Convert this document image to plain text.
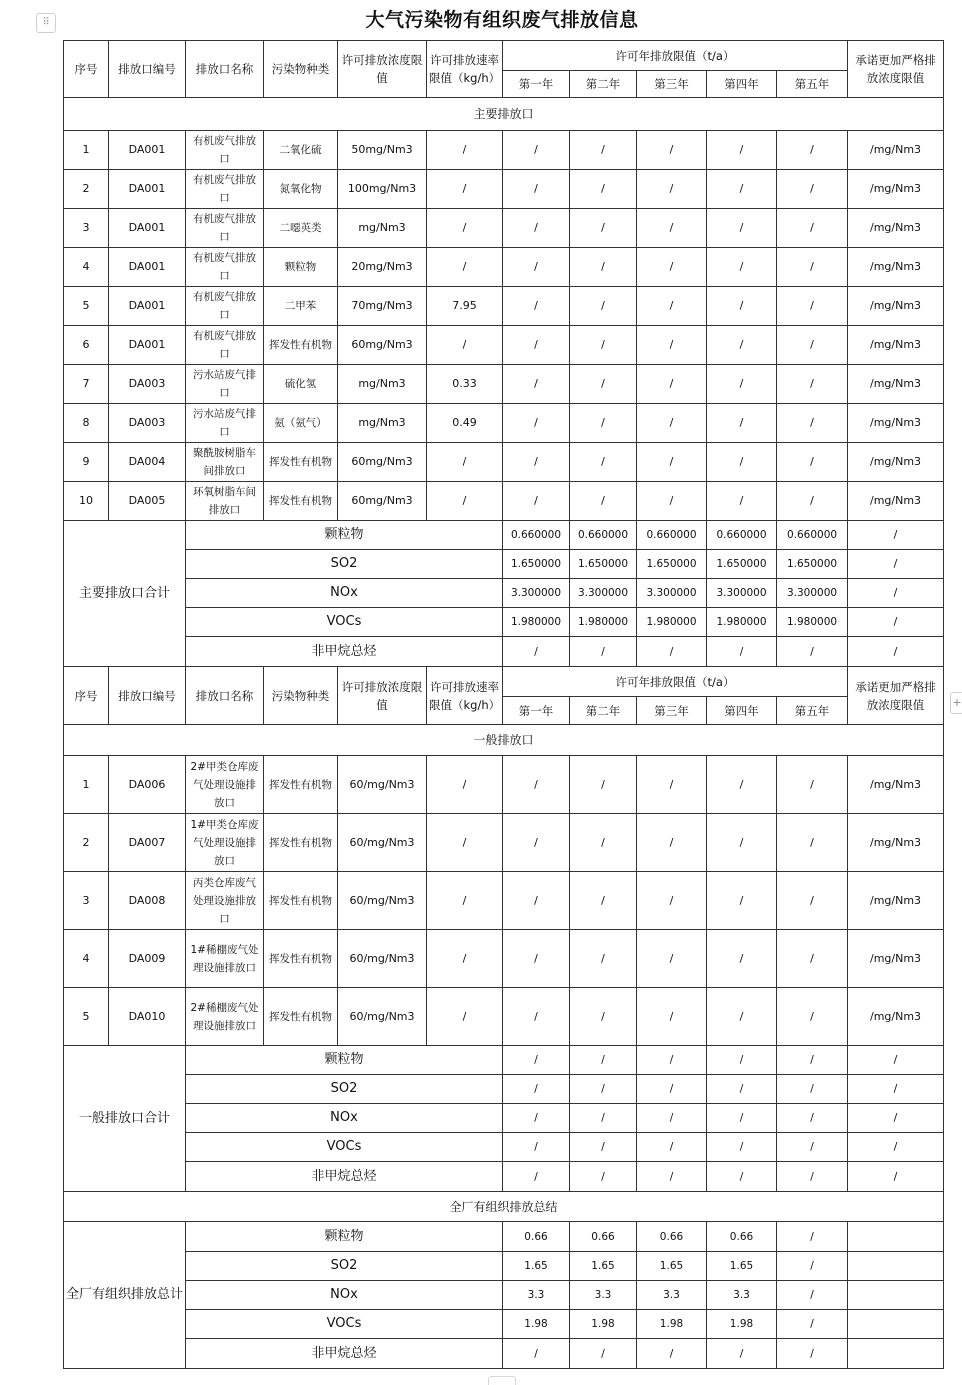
⠿	大气污染物有组织废气排放信息
+
序号	排放口编号	排放口名称	污染物种类	许可排放浓度限值	许可排放速率限值（kg/h）	许可年排放限值（t/a）					承诺更加严格排放浓度限值
						第一年	第二年	第三年	第四年	第五年	
主要排放口											
1	DA001	有机废气排放口	二氧化硫	50mg/Nm3	/	/	/	/	/	/	/mg/Nm3
2	DA001	有机废气排放口	氮氧化物	100mg/Nm3	/	/	/	/	/	/	/mg/Nm3
3	DA001	有机废气排放口	二噁英类	mg/Nm3	/	/	/	/	/	/	/mg/Nm3
4	DA001	有机废气排放口	颗粒物	20mg/Nm3	/	/	/	/	/	/	/mg/Nm3
5	DA001	有机废气排放口	二甲苯	70mg/Nm3	7.95	/	/	/	/	/	/mg/Nm3
6	DA001	有机废气排放口	挥发性有机物	60mg/Nm3	/	/	/	/	/	/	/mg/Nm3
7	DA003	污水站废气排口	硫化氢	mg/Nm3	0.33	/	/	/	/	/	/mg/Nm3
8	DA003	污水站废气排口	氨（氨气）	mg/Nm3	0.49	/	/	/	/	/	/mg/Nm3
9	DA004	聚酰胺树脂车间排放口	挥发性有机物	60mg/Nm3	/	/	/	/	/	/	/mg/Nm3
10	DA005	环氧树脂车间排放口	挥发性有机物	60mg/Nm3	/	/	/	/	/	/	/mg/Nm3
主要排放口合计		颗粒物				0.660000	0.660000	0.660000	0.660000	0.660000	/
		SO2				1.650000	1.650000	1.650000	1.650000	1.650000	/
		NOx				3.300000	3.300000	3.300000	3.300000	3.300000	/
		VOCs				1.980000	1.980000	1.980000	1.980000	1.980000	/
		非甲烷总烃				/	/	/	/	/	/
序号	排放口编号	排放口名称	污染物种类	许可排放浓度限值	许可排放速率限值（kg/h）	许可年排放限值（t/a）					承诺更加严格排放浓度限值
						第一年	第二年	第三年	第四年	第五年	
一般排放口											
1	DA006	2#甲类仓库废气处理设施排放口	挥发性有机物	60/mg/Nm3	/	/	/	/	/	/	/mg/Nm3
2	DA007	1#甲类仓库废气处理设施排放口	挥发性有机物	60/mg/Nm3	/	/	/	/	/	/	/mg/Nm3
3	DA008	丙类仓库废气处理设施排放口	挥发性有机物	60/mg/Nm3	/	/	/	/	/	/	/mg/Nm3
4	DA009	1#稀棚废气处理设施排放口	挥发性有机物	60/mg/Nm3	/	/	/	/	/	/	/mg/Nm3
5	DA010	2#稀棚废气处理设施排放口	挥发性有机物	60/mg/Nm3	/	/	/	/	/	/	/mg/Nm3
一般排放口合计		颗粒物				/	/	/	/	/	/
		SO2				/	/	/	/	/	/
		NOx				/	/	/	/	/	/
		VOCs				/	/	/	/	/	/
		非甲烷总烃				/	/	/	/	/	/
全厂有组织排放总结											
全厂有组织排放总计		颗粒物				0.66	0.66	0.66	0.66	/	
		SO2				1.65	1.65	1.65	1.65	/	
		NOx				3.3	3.3	3.3	3.3	/	
		VOCs				1.98	1.98	1.98	1.98	/	
		非甲烷总烃				/	/	/	/	/	
